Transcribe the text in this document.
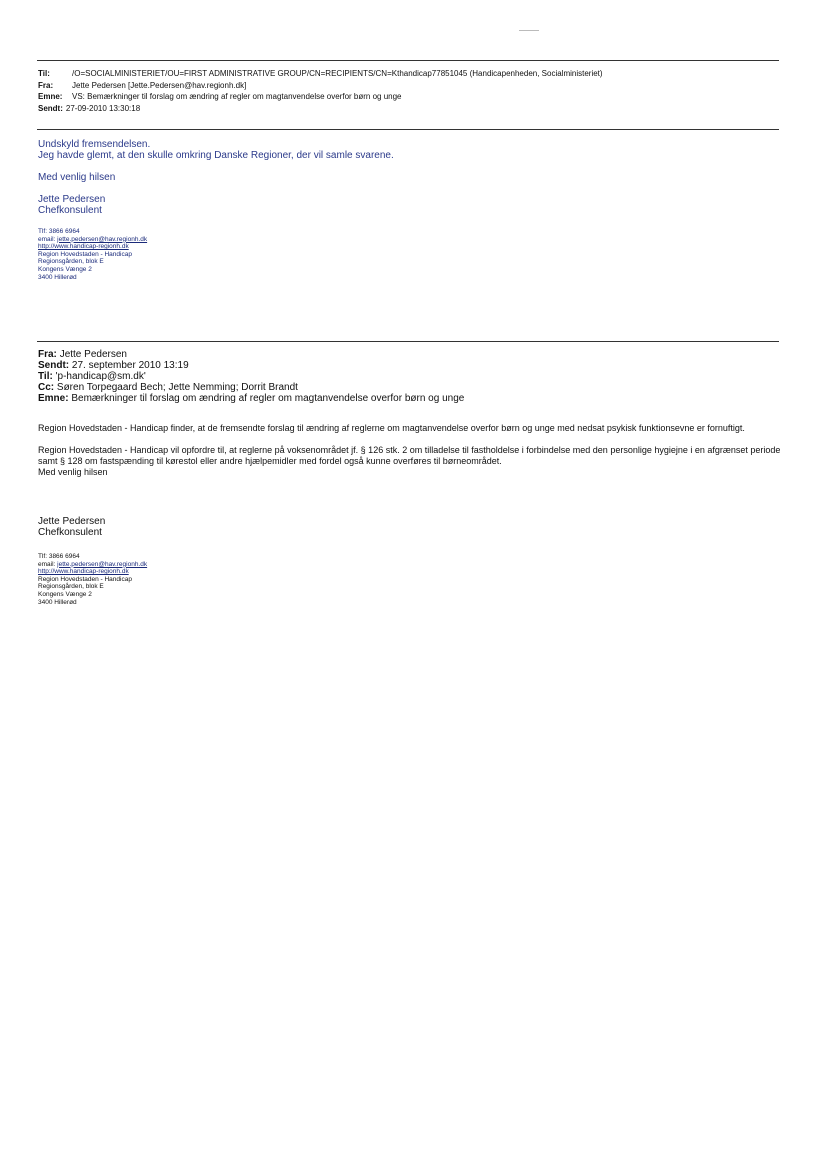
Til:	/O=SOCIALMINISTERIET/OU=FIRST ADMINISTRATIVE GROUP/CN=RECIPIENTS/CN=Kthandicap77851045 (Handicapenheden, Socialministeriet)
Fra:	Jette Pedersen [Jette.Pedersen@hav.regionh.dk]
Emne:	VS: Bemærkninger til forslag om ændring af regler om magtanvendelse overfor børn og unge
Sendt: 27-09-2010 13:30:18

Undskyld fremsendelsen.

Jeg havde glemt, at den skulle omkring Danske Regioner, der vil samle svarene.

Med venlig hilsen

Jette Pedersen

Chefkonsulent

Tlf: 3866 6964
email: jette.pedersen@hav.regionh.dk
http://www.handicap-regionh.dk
Region Hovedstaden - Handicap
Regionsgården, blok E
Kongens Vænge 2
3400 Hillerød
Fra: Jette Pedersen
Sendt: 27. september 2010 13:19
Til: 'p-handicap@sm.dk'
Cc: Søren Torpegaard Bech; Jette Nemming; Dorrit Brandt
Emne: Bemærkninger til forslag om ændring af regler om magtanvendelse overfor børn og unge

Region Hovedstaden - Handicap finder, at de fremsendte forslag til ændring af reglerne om magtanvendelse overfor børn og unge med nedsat psykisk funktionsevne er fornuftigt.

Region Hovedstaden - Handicap vil opfordre til, at reglerne på voksenområdet jf. § 126 stk. 2 om tilladelse til fastholdelse i forbindelse med den personlige hygiejne i en afgrænset periode samt § 128 om fastspænding til kørestol eller andre hjælpemidler med fordel også kunne overføres til børneområdet.

Med venlig hilsen

Jette Pedersen
Chefkonsulent
Tlf: 3866 6964
email: jette.pedersen@hav.regionh.dk
http://www.handicap-regionh.dk
Region Hovedstaden - Handicap
Regionsgården, blok E
Kongens Vænge 2
3400 Hillerød
